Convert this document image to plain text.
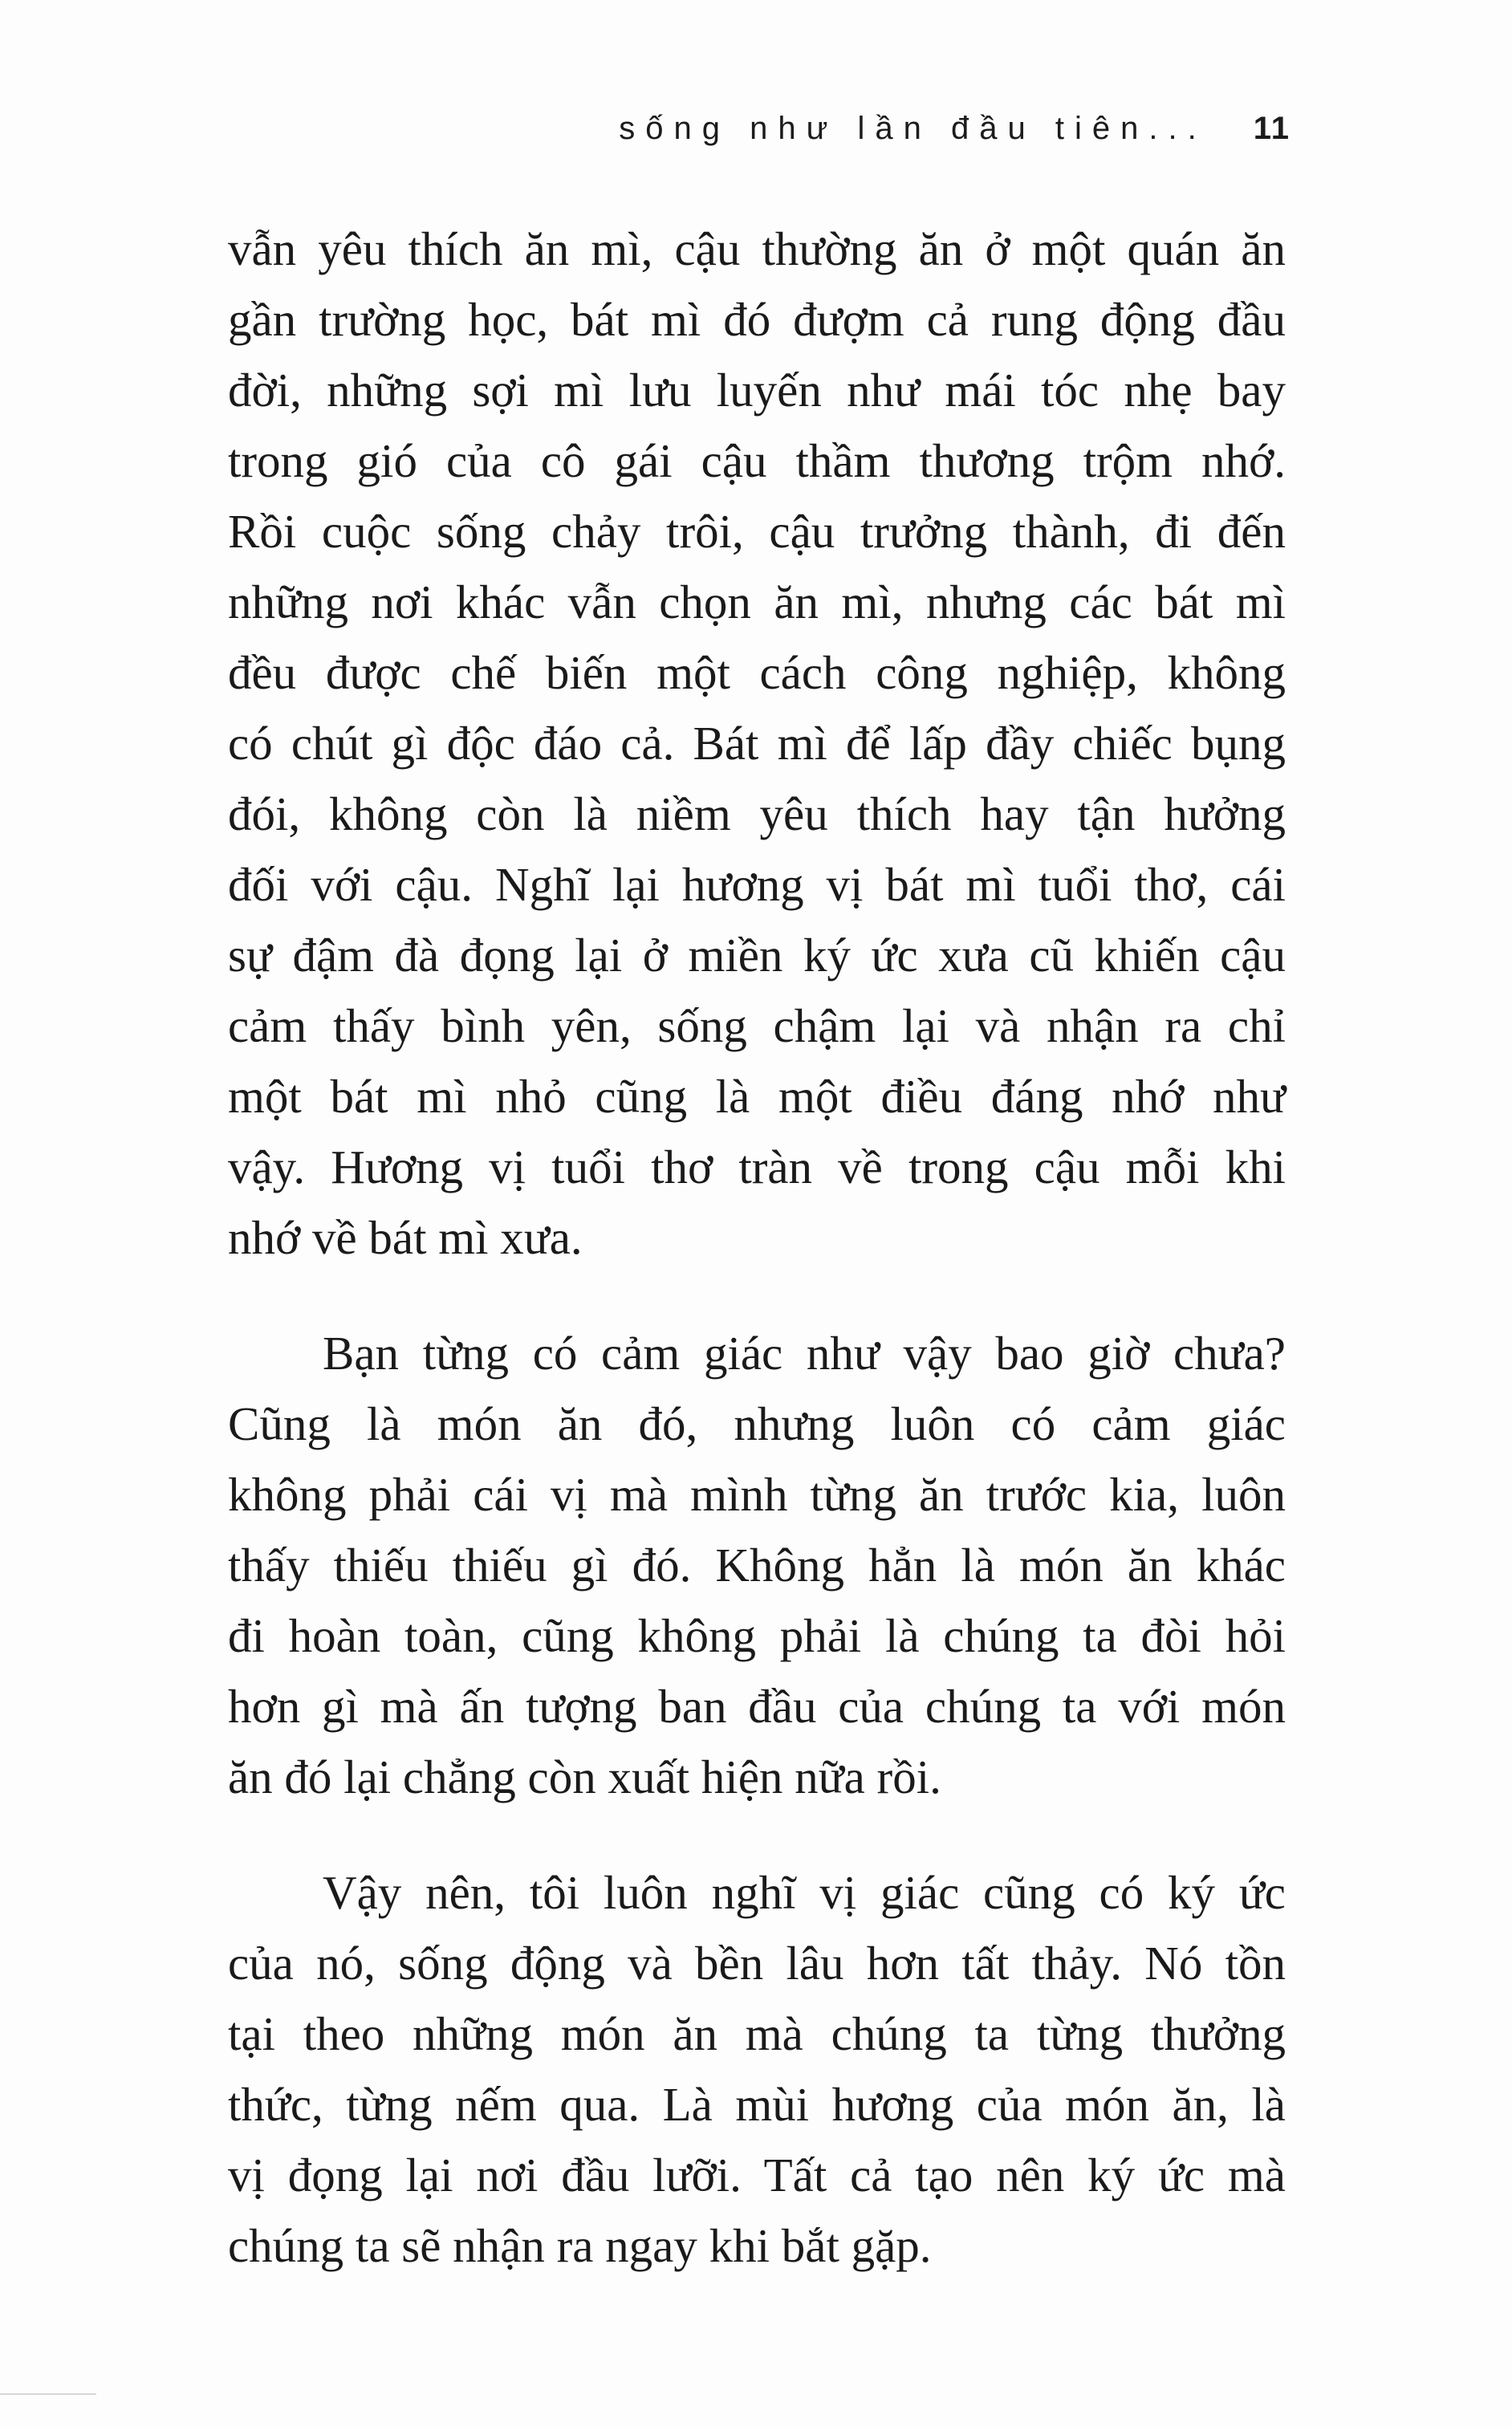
sống như lần đầu tiên... 11
vẫn yêu thích ăn mì, cậu thường ăn ở một quán ăn
gần trường học, bát mì đó đượm cả rung động đầu
đời, những sợi mì lưu luyến như mái tóc nhẹ bay
trong gió của cô gái cậu thầm thương trộm nhớ.
Rồi cuộc sống chảy trôi, cậu trưởng thành, đi đến
những nơi khác vẫn chọn ăn mì, nhưng các bát mì
đều được chế biến một cách công nghiệp, không
có chút gì độc đáo cả. Bát mì để lấp đầy chiếc bụng
đói, không còn là niềm yêu thích hay tận hưởng
đối với cậu. Nghĩ lại hương vị bát mì tuổi thơ, cái
sự đậm đà đọng lại ở miền ký ức xưa cũ khiến cậu
cảm thấy bình yên, sống chậm lại và nhận ra chỉ
một bát mì nhỏ cũng là một điều đáng nhớ như
vậy. Hương vị tuổi thơ tràn về trong cậu mỗi khi
nhớ về bát mì xưa.
Bạn từng có cảm giác như vậy bao giờ chưa?
Cũng là món ăn đó, nhưng luôn có cảm giác
không phải cái vị mà mình từng ăn trước kia, luôn
thấy thiếu thiếu gì đó. Không hẳn là món ăn khác
đi hoàn toàn, cũng không phải là chúng ta đòi hỏi
hơn gì mà ấn tượng ban đầu của chúng ta với món
ăn đó lại chẳng còn xuất hiện nữa rồi.
Vậy nên, tôi luôn nghĩ vị giác cũng có ký ức
của nó, sống động và bền lâu hơn tất thảy. Nó tồn
tại theo những món ăn mà chúng ta từng thưởng
thức, từng nếm qua. Là mùi hương của món ăn, là
vị đọng lại nơi đầu lưỡi. Tất cả tạo nên ký ức mà
chúng ta sẽ nhận ra ngay khi bắt gặp.
